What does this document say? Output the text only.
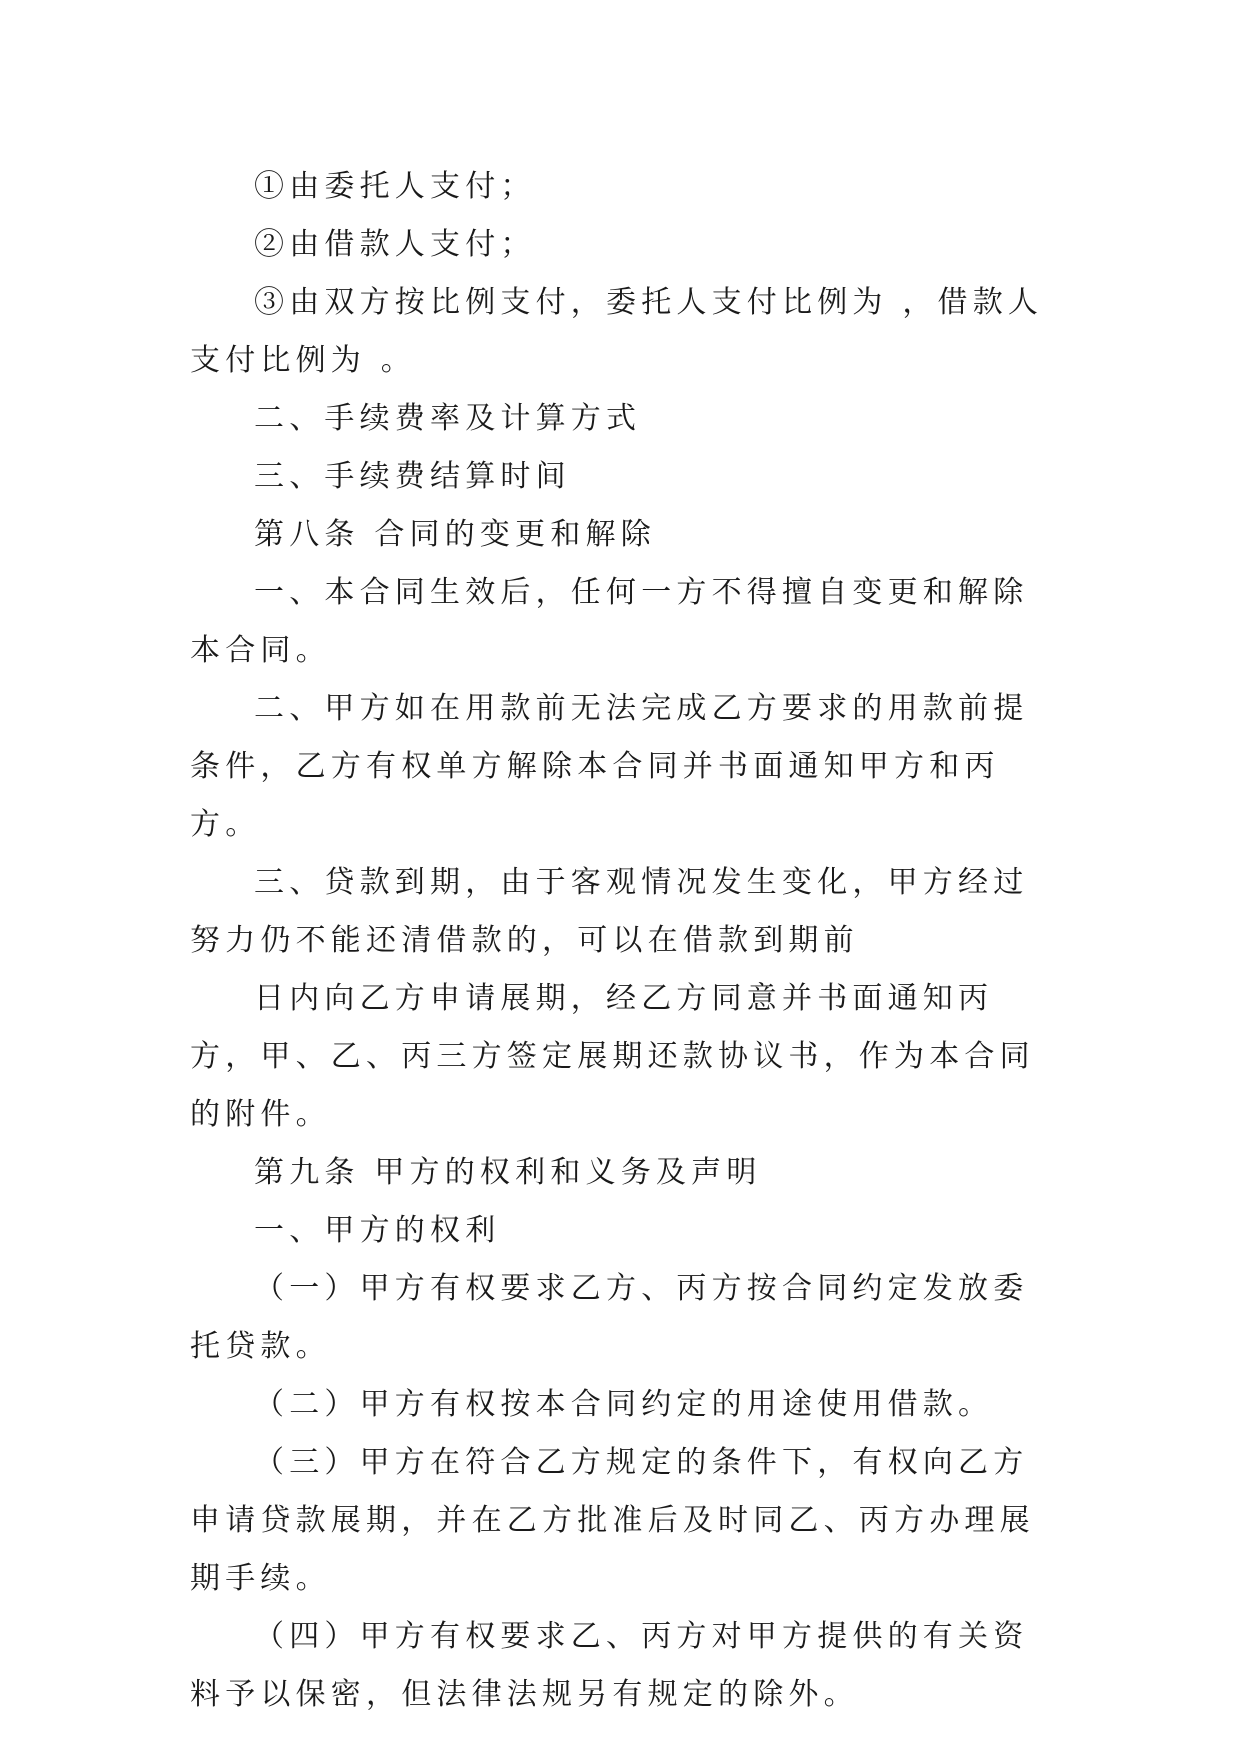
①由委托人支付；

②由借款人支付；

③由双方按比例支付，委托人支付比例为 ，借款人支付比例为 。

二、手续费率及计算方式

三、手续费结算时间

第八条 合同的变更和解除

一、本合同生效后，任何一方不得擅自变更和解除本合同。

二、甲方如在用款前无法完成乙方要求的用款前提条件，乙方有权单方解除本合同并书面通知甲方和丙方。

三、贷款到期，由于客观情况发生变化，甲方经过努力仍不能还清借款的，可以在借款到期前

日内向乙方申请展期，经乙方同意并书面通知丙方，甲、乙、丙三方签定展期还款协议书，作为本合同的附件。

第九条 甲方的权利和义务及声明

一、甲方的权利

（一）甲方有权要求乙方、丙方按合同约定发放委托贷款。

（二）甲方有权按本合同约定的用途使用借款。

（三）甲方在符合乙方规定的条件下，有权向乙方申请贷款展期，并在乙方批准后及时同乙、丙方办理展期手续。

（四）甲方有权要求乙、丙方对甲方提供的有关资料予以保密，但法律法规另有规定的除外。
